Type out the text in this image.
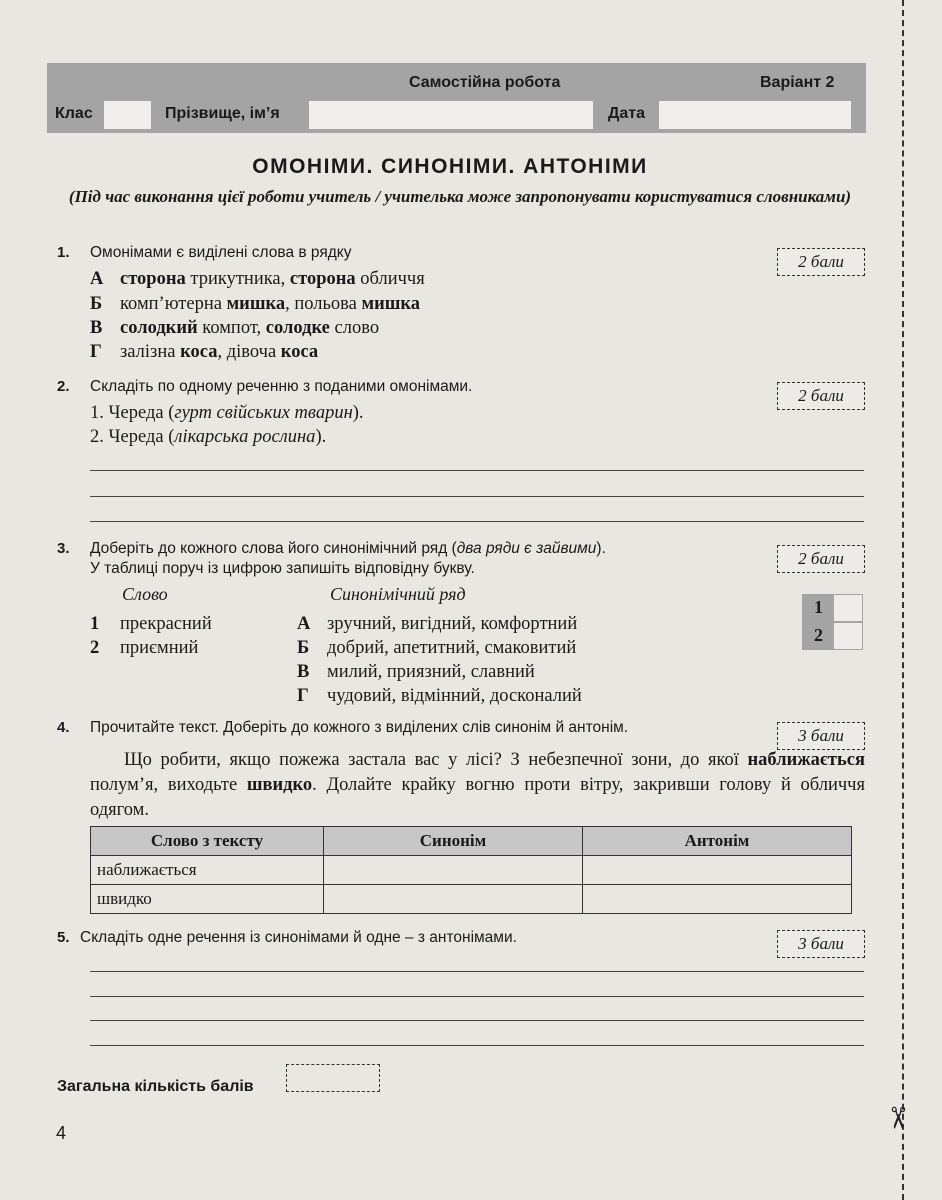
✂
Самостійна робота	Варіант 2
Клас	Прізвище, ім’я	Дата
ОМОНІМИ. СИНОНІМИ. АНТОНІМИ
(Під час виконання цієї роботи учитель / учителька може запропонувати користуватися словниками)
1. Омонімами є виділені слова в рядку	2 бали
А сторона трикутника, сторона обличчя
Б комп’ютерна мишка, польова мишка
В солодкий компот, солодке слово
Г залізна коса, дівоча коса
2. Складіть по одному реченню з поданими омонімами.	2 бали
1. Череда (гурт свійських тварин).
2. Череда (лікарська рослина).
3. Доберіть до кожного слова його синонімічний ряд (два ряди є зайвими).
У таблиці поруч із цифрою запишіть відповідну букву.
2 бали
Слово	Синонімічний ряд
1 прекрасний
2 приємний
А зручний, вигідний, комфортний
Б добрий, апетитний, смаковитий
В милий, приязний, славний
Г чудовий, відмінний, досконалий
1
2
4. Прочитайте текст. Доберіть до кожного з виділених слів синонім й антонім.	3 бали
Що робити, якщо пожежа застала вас у лісі? З небезпечної зони, до якої наближається полум’я, виходьте швидко. Долайте крайку вогню проти вітру, закривши голову й обличчя одягом.
Слово з тексту	Синонім	Антонім
наближається		
швидко		
5. Складіть одне речення із синонімами й одне – з антонімами.	3 бали
Загальна кількість балів
4
